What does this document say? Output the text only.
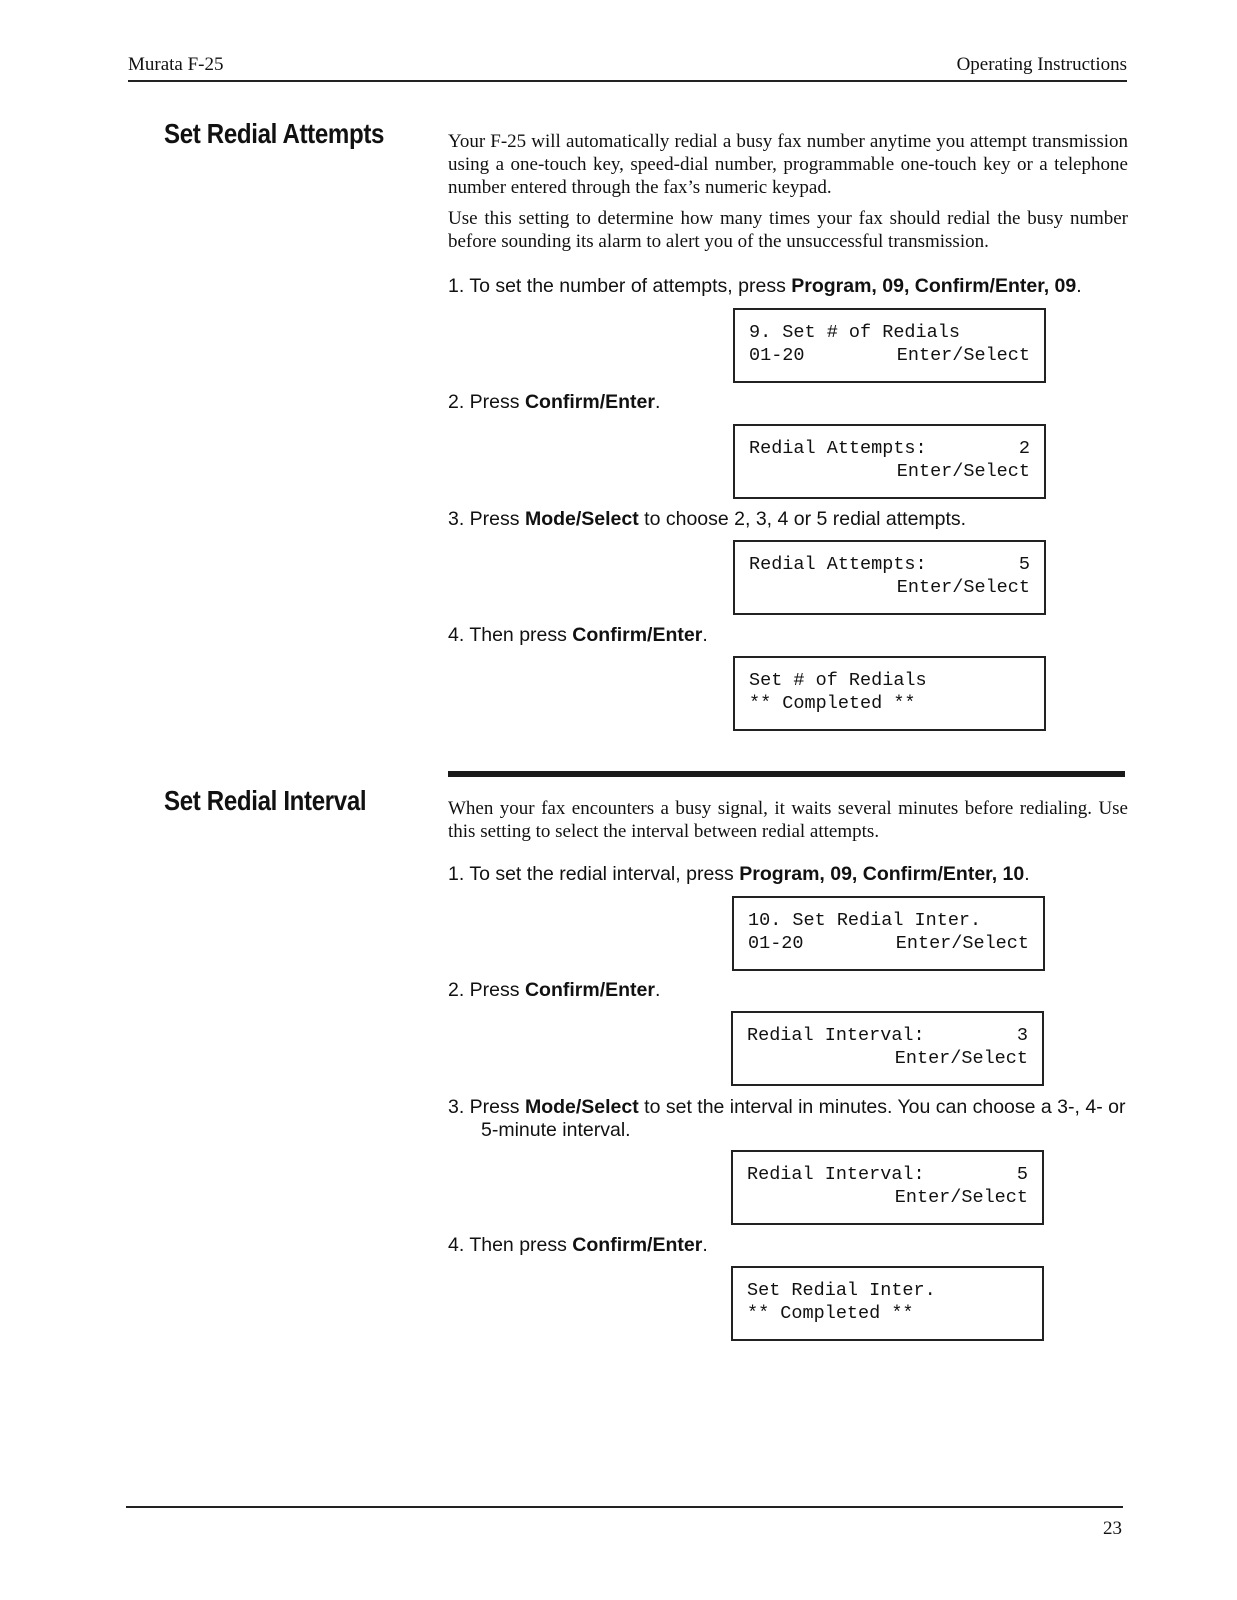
Murata F-25	Operating Instructions
Set Redial Attempts	Your F-25 will automatically redial a busy fax number anytime you attempt transmission using a one-touch key, speed-dial number, programmable one-touch key or a telephone number entered through the fax’s numeric keypad.

Use this setting to determine how many times your fax should redial the busy number before sounding its alarm to alert you of the unsuccessful transmission.

1. To set the number of attempts, press Program, 09, Confirm/Enter, 09.

9. Set # of Redials
01-20	Enter/Select

2. Press Confirm/Enter.

Redial Attempts:	2
Enter/Select

3. Press Mode/Select to choose 2, 3, 4 or 5 redial attempts.

Redial Attempts:	5
Enter/Select

4. Then press Confirm/Enter.

Set # of Redials
** Completed **
Set Redial Interval	When your fax encounters a busy signal, it waits several minutes before redialing. Use this setting to select the interval between redial attempts.

1. To set the redial interval, press Program, 09, Confirm/Enter, 10.

10. Set Redial Inter.
01-20	Enter/Select

2. Press Confirm/Enter.

Redial Interval:	3
Enter/Select

3. Press Mode/Select to set the interval in minutes. You can choose a 3-, 4- or
5-minute interval.

Redial Interval:	5
Enter/Select

4. Then press Confirm/Enter.

Set Redial Inter.
** Completed **
23
